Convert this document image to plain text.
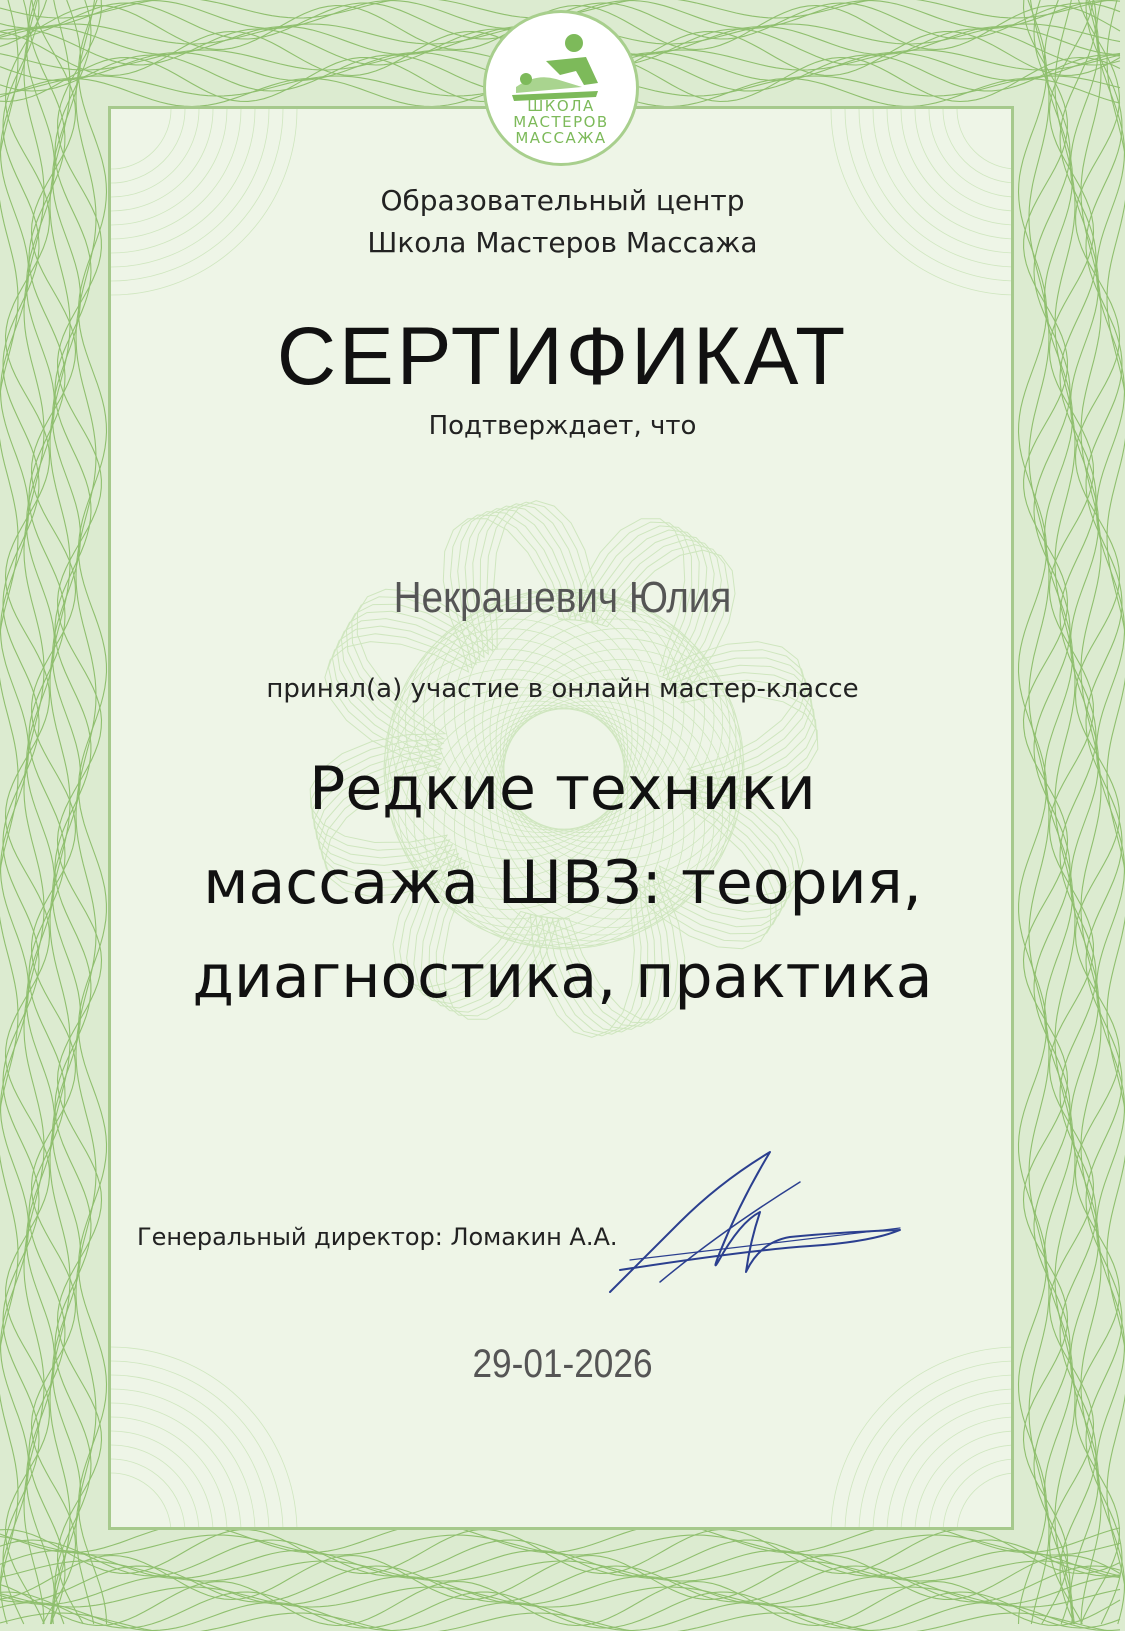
ШКОЛА
МАСТЕРОВ
МАССАЖА
Образовательный центр
Школа Мастеров Массажа
СЕРТИФИКАТ
Подтверждает, что
Некрашевич Юлия
принял(а) участие в онлайн мастер-классе
Редкие техники
массажа ШВЗ: теория,
диагностика, практика
Генеральный директор: Ломакин А.А.
29-01-2026
